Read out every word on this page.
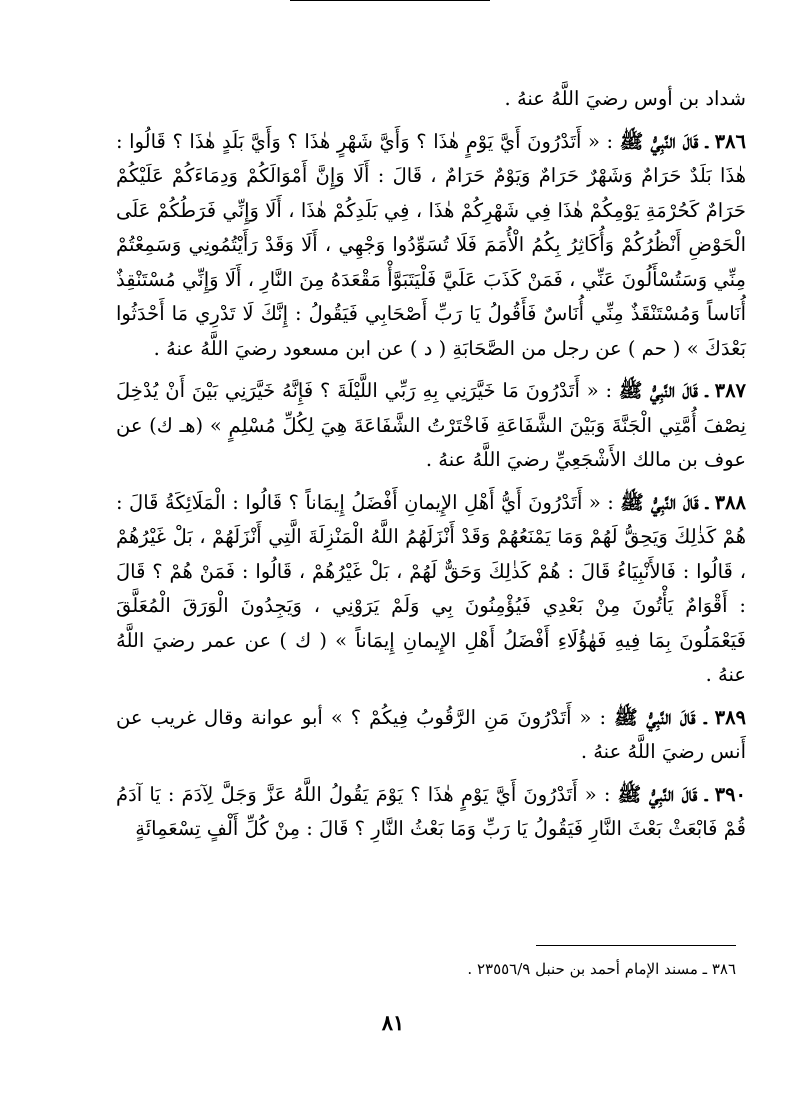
شداد بن أوس رضيَ اللَّهُ عنهُ .

٣٨٦ ـ قَالَ النَّبِيُّ ﷺ : « أَتَدْرُونَ أَيَّ يَوْمٍ هٰذَا ؟ وَأَيَّ شَهْرٍ هٰذَا ؟ وَأَيَّ بَلَدٍ هٰذَا ؟ قَالُوا : هٰذَا بَلَدٌ حَرَامٌ وَشَهْرٌ حَرَامٌ وَيَوْمٌ حَرَامٌ ، قَالَ : أَلَا وَإِنَّ أَمْوَالَكُمْ وَدِمَاءَكُمْ عَلَيْكُمْ حَرَامٌ كَحُرْمَةِ يَوْمِكُمْ هٰذَا فِي شَهْرِكُمْ هٰذَا ، فِي بَلَدِكُمْ هٰذَا ، أَلَا وَإِنِّي فَرَطُكُمْ عَلَى الْحَوْضِ أَنْظُرُكُمْ وَأُكَاثِرُ بِكُمُ الْأُمَمَ فَلَا تُسَوِّدُوا وَجْهِي ، أَلَا وَقَدْ رَأَيْتُمُونِي وَسَمِعْتُمْ مِنِّي وَسَتُسْأَلُونَ عَنِّي ، فَمَنْ كَذَبَ عَلَيَّ فَلْيَتَبَوَّأْ مَقْعَدَهُ مِنَ النَّارِ ، أَلَا وَإِنِّي مُسْتَنْقِذٌ أُنَاساً وَمُسْتَنْقَذٌ مِنِّي أُنَاسٌ فَأَقُولُ يَا رَبِّ أَصْحَابِي فَيَقُولُ : إِنَّكَ لَا تَدْرِي مَا أَحْدَثُوا بَعْدَكَ » ( حم ) عن رجل من الصَّحَابَةِ ( د ) عن ابن مسعود رضيَ اللَّهُ عنهُ .

٣٨٧ ـ قَالَ النَّبِيُّ ﷺ : « أَتَدْرُونَ مَا خَيَّرَنِي بِهِ رَبِّي اللَّيْلَةَ ؟ فَإِنَّهُ خَيَّرَنِي بَيْنَ أَنْ يُدْخِلَ نِصْفَ أُمَّتِي الْجَنَّةَ وَبَيْنَ الشَّفَاعَةِ فَاخْتَرْتُ الشَّفَاعَةَ هِيَ لِكُلِّ مُسْلِمٍ » (هـ ك) عن عوف بن مالك الأَشْجَعِيِّ رضيَ اللَّهُ عنهُ .

٣٨٨ ـ قَالَ النَّبِيُّ ﷺ : « أَتَدْرُونَ أَيُّ أَهْلِ الإِيمانِ أَفْضَلُ إِيمَاناً ؟ قَالُوا : الْمَلَائِكَةُ قَالَ : هُمْ كَذٰلِكَ وَيَحِقُّ لَهُمْ وَمَا يَمْنَعُهُمْ وَقَدْ أَنْزَلَهُمُ اللَّهُ الْمَنْزِلَةَ الَّتِي أَنْزَلَهُمْ ، بَلْ غَيْرُهُمْ ، قَالُوا : فَالأَنْبِيَاءُ قَالَ : هُمْ كَذٰلِكَ وَحَقٌّ لَهُمْ ، بَلْ غَيْرُهُمْ ، قَالُوا : فَمَنْ هُمْ ؟ قَالَ : أَقْوَامٌ يَأْتُونَ مِنْ بَعْدِي فَيُؤْمِنُونَ بِي وَلَمْ يَرَوْنِي ، وَيَجِدُونَ الْوَرَقَ الْمُعَلَّقَ فَيَعْمَلُونَ بِمَا فِيهِ فَهٰؤُلَاءِ أَفْضَلُ أَهْلِ الإِيمانِ إِيمَاناً » ( ك ) عن عمر رضيَ اللَّهُ عنهُ .

٣٨٩ ـ قَالَ النَّبِيُّ ﷺ : « أَتَدْرُونَ مَنِ الرَّقُوبُ فِيكُمْ ؟ » أبو عوانة وقال غريب عن أَنس رضيَ اللَّهُ عنهُ .

٣٩٠ ـ قَالَ النَّبِيُّ ﷺ : « أَتَدْرُونَ أَيَّ يَوْمٍ هٰذَا ؟ يَوْمَ يَقُولُ اللَّهُ عَزَّ وَجَلَّ لِآدَمَ : يَا آدَمُ قُمْ فَابْعَثْ بَعْثَ النَّارِ فَيَقُولُ يَا رَبِّ وَمَا بَعْثُ النَّارِ ؟ قَالَ : مِنْ كُلِّ أَلْفٍ تِسْعَمِائَةٍ

٣٨٦ ـ مسند الإمام أحمد بن حنبل ٢٣٥٥٦/٩ .
٨١
